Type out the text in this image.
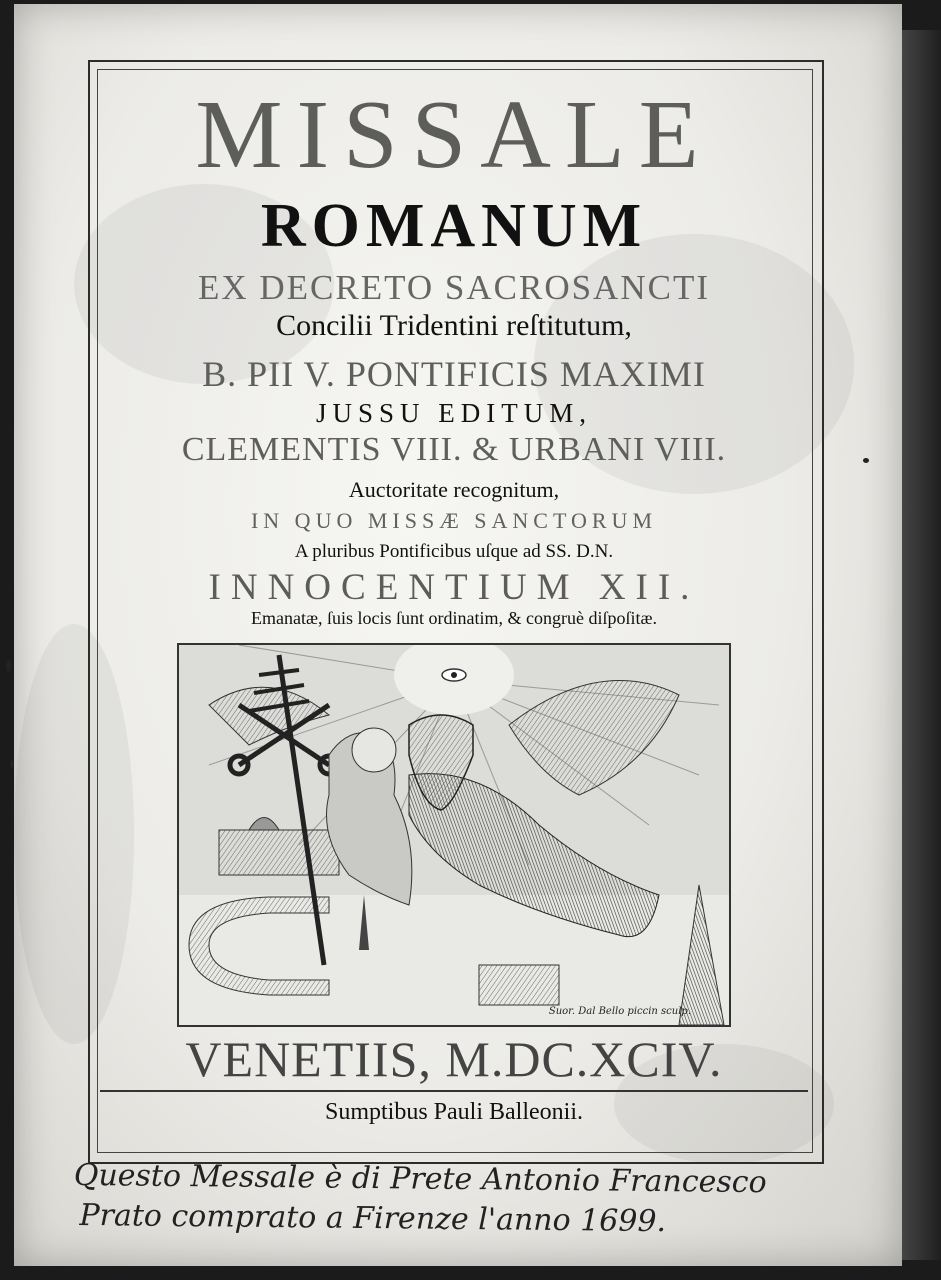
MISSALE
ROMANUM
EX DECRETO SACROSANCTI
Concilii Tridentini reſtitutum,
B. PII V. PONTIFICIS MAXIMI
JUSSU EDITUM,
CLEMENTIS VIII. & URBANI VIII.
Auctoritate recognitum,
IN QUO MISSÆ SANCTORUM
A pluribus Pontificibus uſque ad SS. D.N.
INNOCENTIUM XII.
Emanatæ, ſuis locis ſunt ordinatim, & congruè diſpoſitæ.
VENETIIS, M.DC.XCIV.
Sumptibus Pauli Balleonii.
Suor. Dal Bello piccin sculp.
Questo Messale è di Prete Antonio Francesco
Prato comprato a Firenze l'anno 1699.
